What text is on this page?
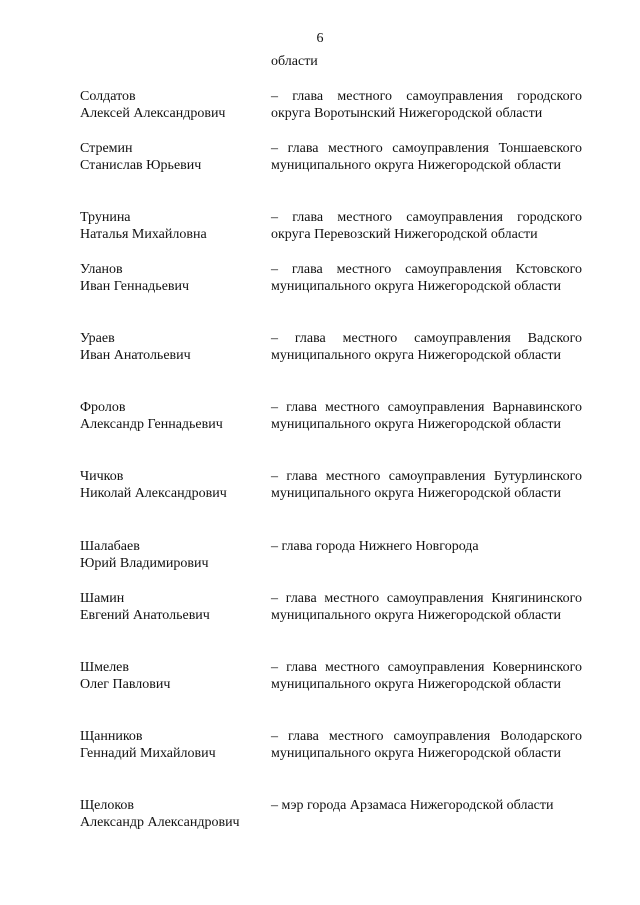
6
области
Солдатов
Алексей Александрович
– глава местного самоуправления городского округа Воротынский Нижегородской области
Стремин
Станислав Юрьевич
– глава местного самоуправления Тоншаевского муниципального округа Нижегородской области
Трунина
Наталья Михайловна
– глава местного самоуправления городского округа Перевозский Нижегородской области
Уланов
Иван Геннадьевич
– глава местного самоуправления Кстовского муниципального округа Нижегородской области
Ураев
Иван Анатольевич
– глава местного самоуправления Вадского муниципального округа Нижегородской области
Фролов
Александр Геннадьевич
– глава местного самоуправления Варнавинского муниципального округа Нижегородской области
Чичков
Николай Александрович
– глава местного самоуправления Бутурлинского муниципального округа Нижегородской области
Шалабаев
Юрий Владимирович
– глава города Нижнего Новгорода
Шамин
Евгений Анатольевич
– глава местного самоуправления Княгининского муниципального округа Нижегородской области
Шмелев
Олег Павлович
– глава местного самоуправления Ковернинского муниципального округа Нижегородской области
Щанников
Геннадий Михайлович
– глава местного самоуправления Володарского муниципального округа Нижегородской области
Щелоков
Александр Александрович
– мэр города Арзамаса Нижегородской области
